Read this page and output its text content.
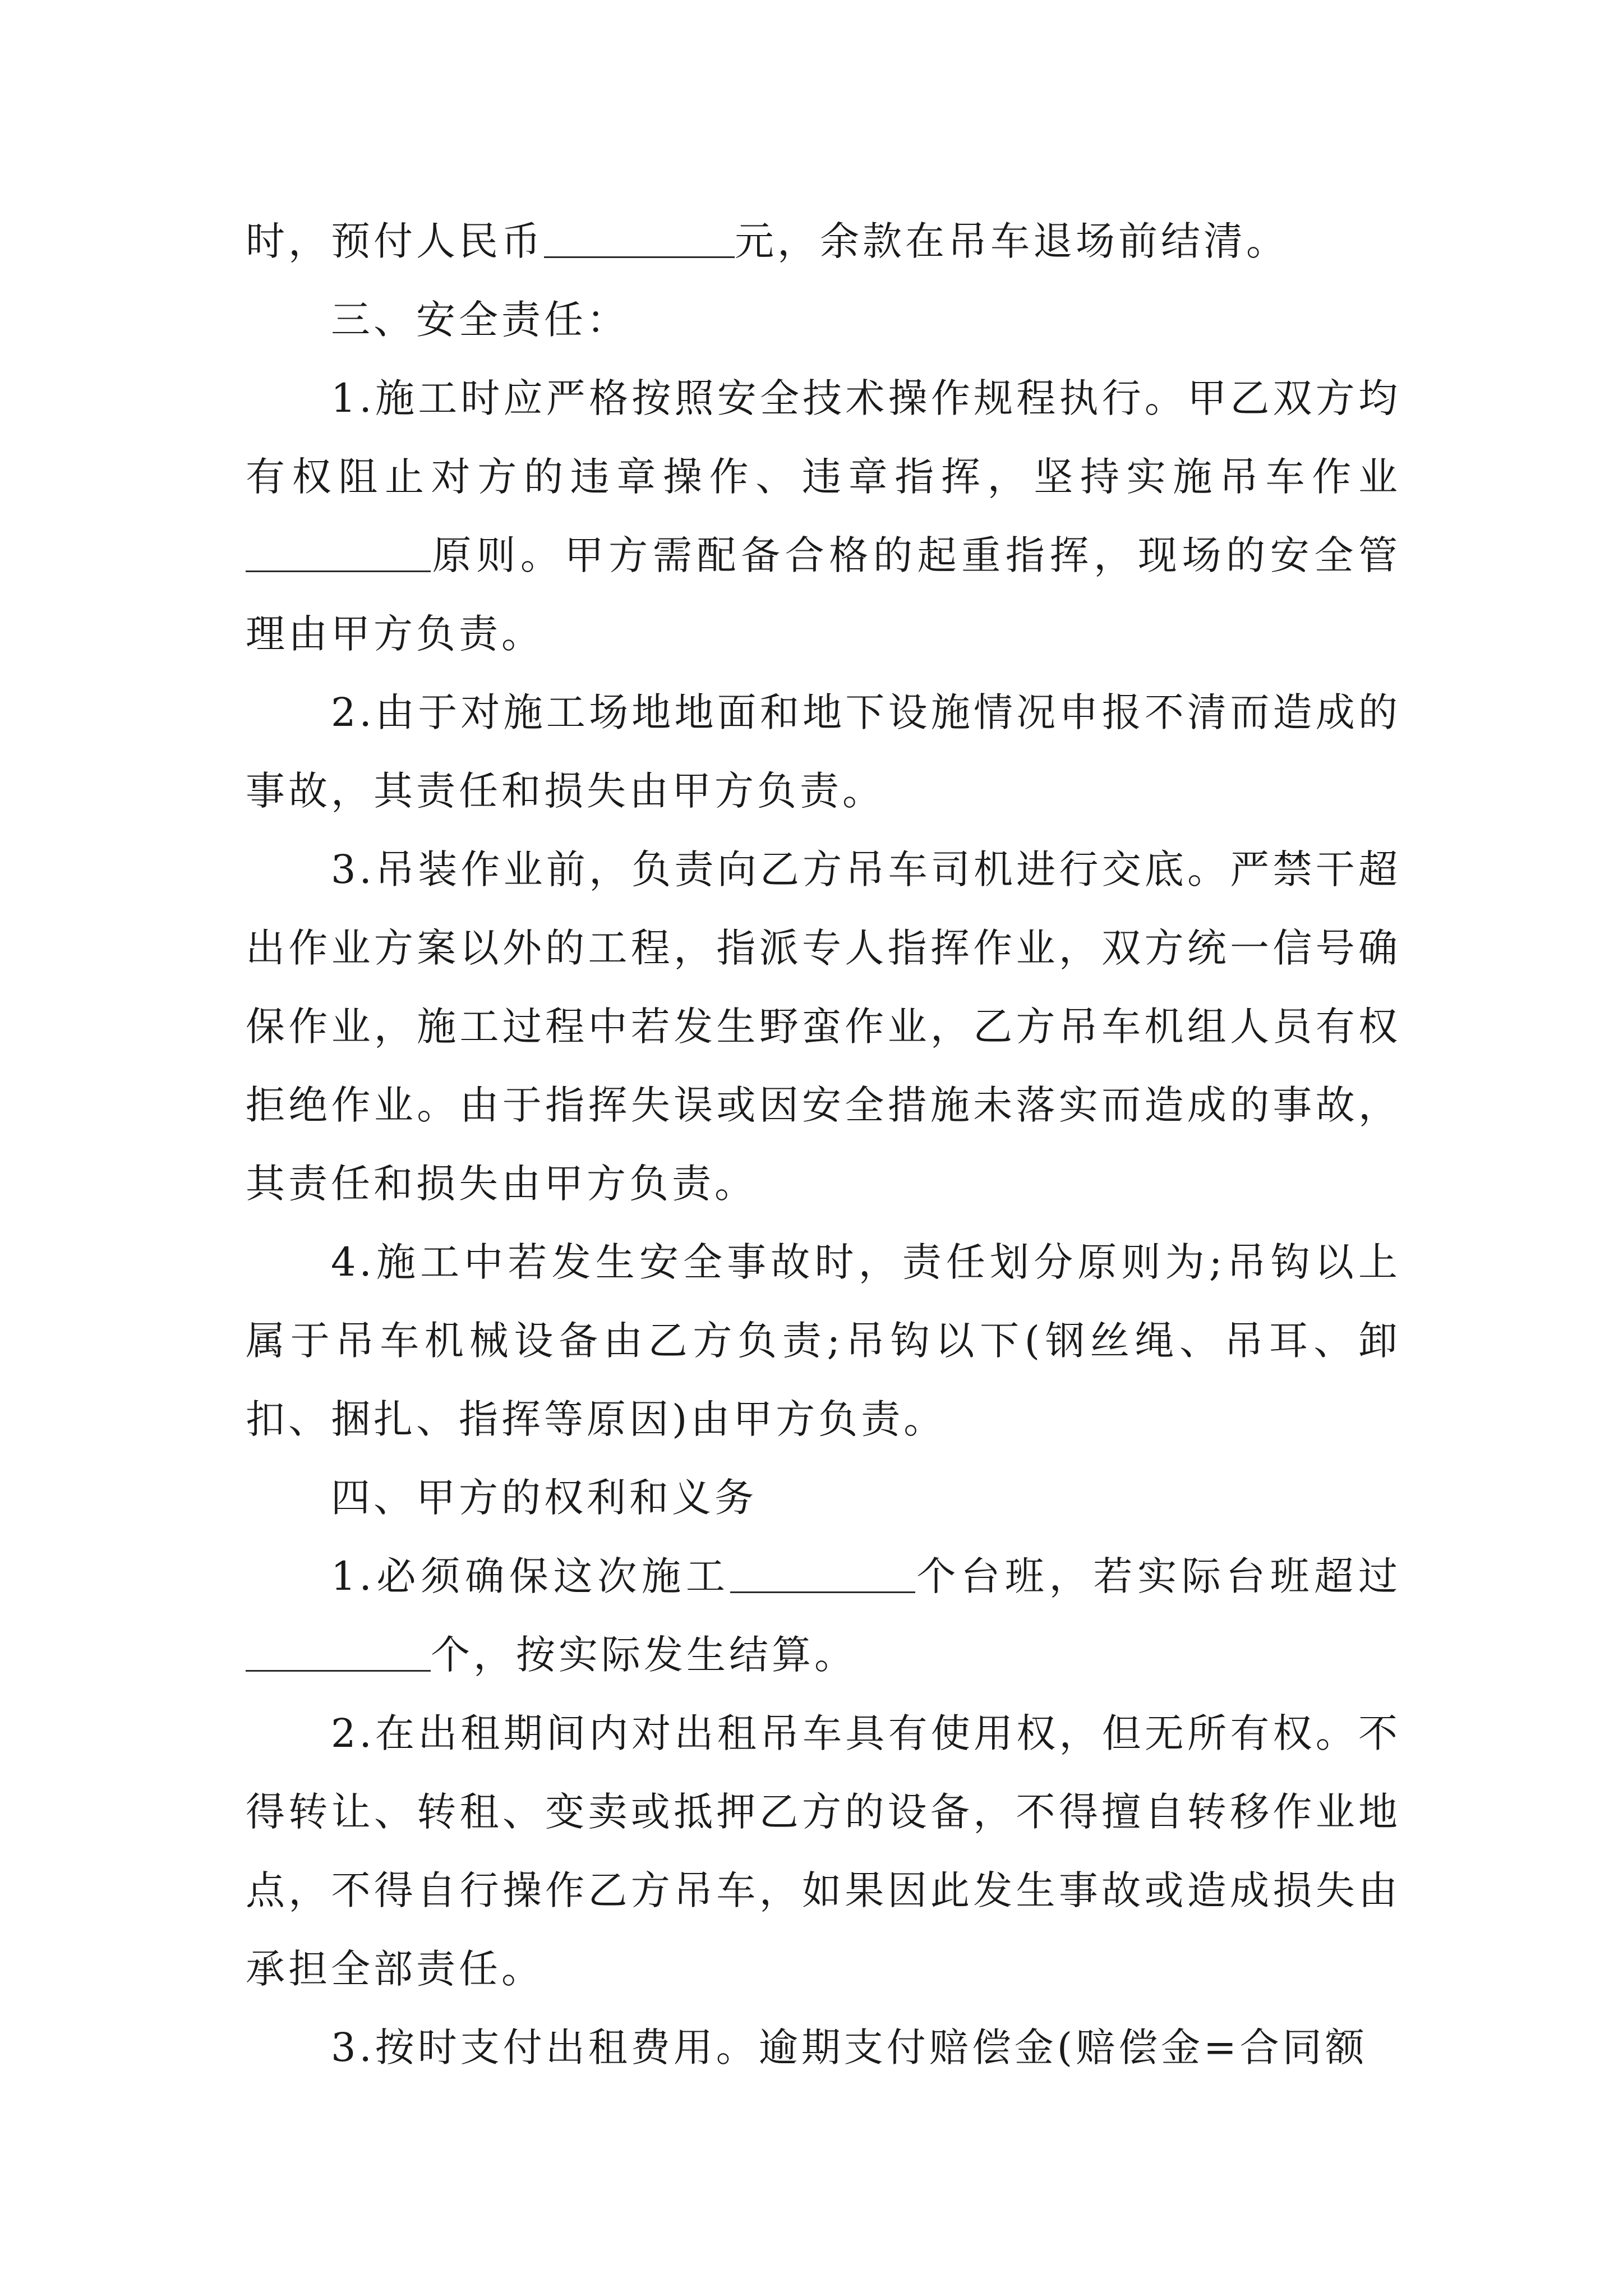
时，预付人民币	元，余款在吊车退场前结清。

三、安全责任：

1.施工时应严格按照安全技术操作规程执行。甲乙双方均有权阻止对方的违章操作、违章指挥，坚持实施吊车作业原则。甲方需配备合格的起重指挥，现场的安全管理由甲方负责。

2.由于对施工场地地面和地下设施情况申报不清而造成的事故，其责任和损失由甲方负责。

3.吊装作业前，负责向乙方吊车司机进行交底。严禁干超出作业方案以外的工程，指派专人指挥作业，双方统一信号确保作业，施工过程中若发生野蛮作业，乙方吊车机组人员有权拒绝作业。由于指挥失误或因安全措施未落实而造成的事故，其责任和损失由甲方负责。

4.施工中若发生安全事故时，责任划分原则为;吊钩以上属于吊车机械设备由乙方负责;吊钩以下(钢丝绳、吊耳、卸扣、捆扎、指挥等原因)由甲方负责。

四、甲方的权利和义务

1.必须确保这次施工	个台班，若实际台班超过个，按实际发生结算。

2.在出租期间内对出租吊车具有使用权，但无所有权。不得转让、转租、变卖或抵押乙方的设备，不得擅自转移作业地点，不得自行操作乙方吊车，如果因此发生事故或造成损失由承担全部责任。

3.按时支付出租费用。逾期支付赔偿金(赔偿金=合同额
